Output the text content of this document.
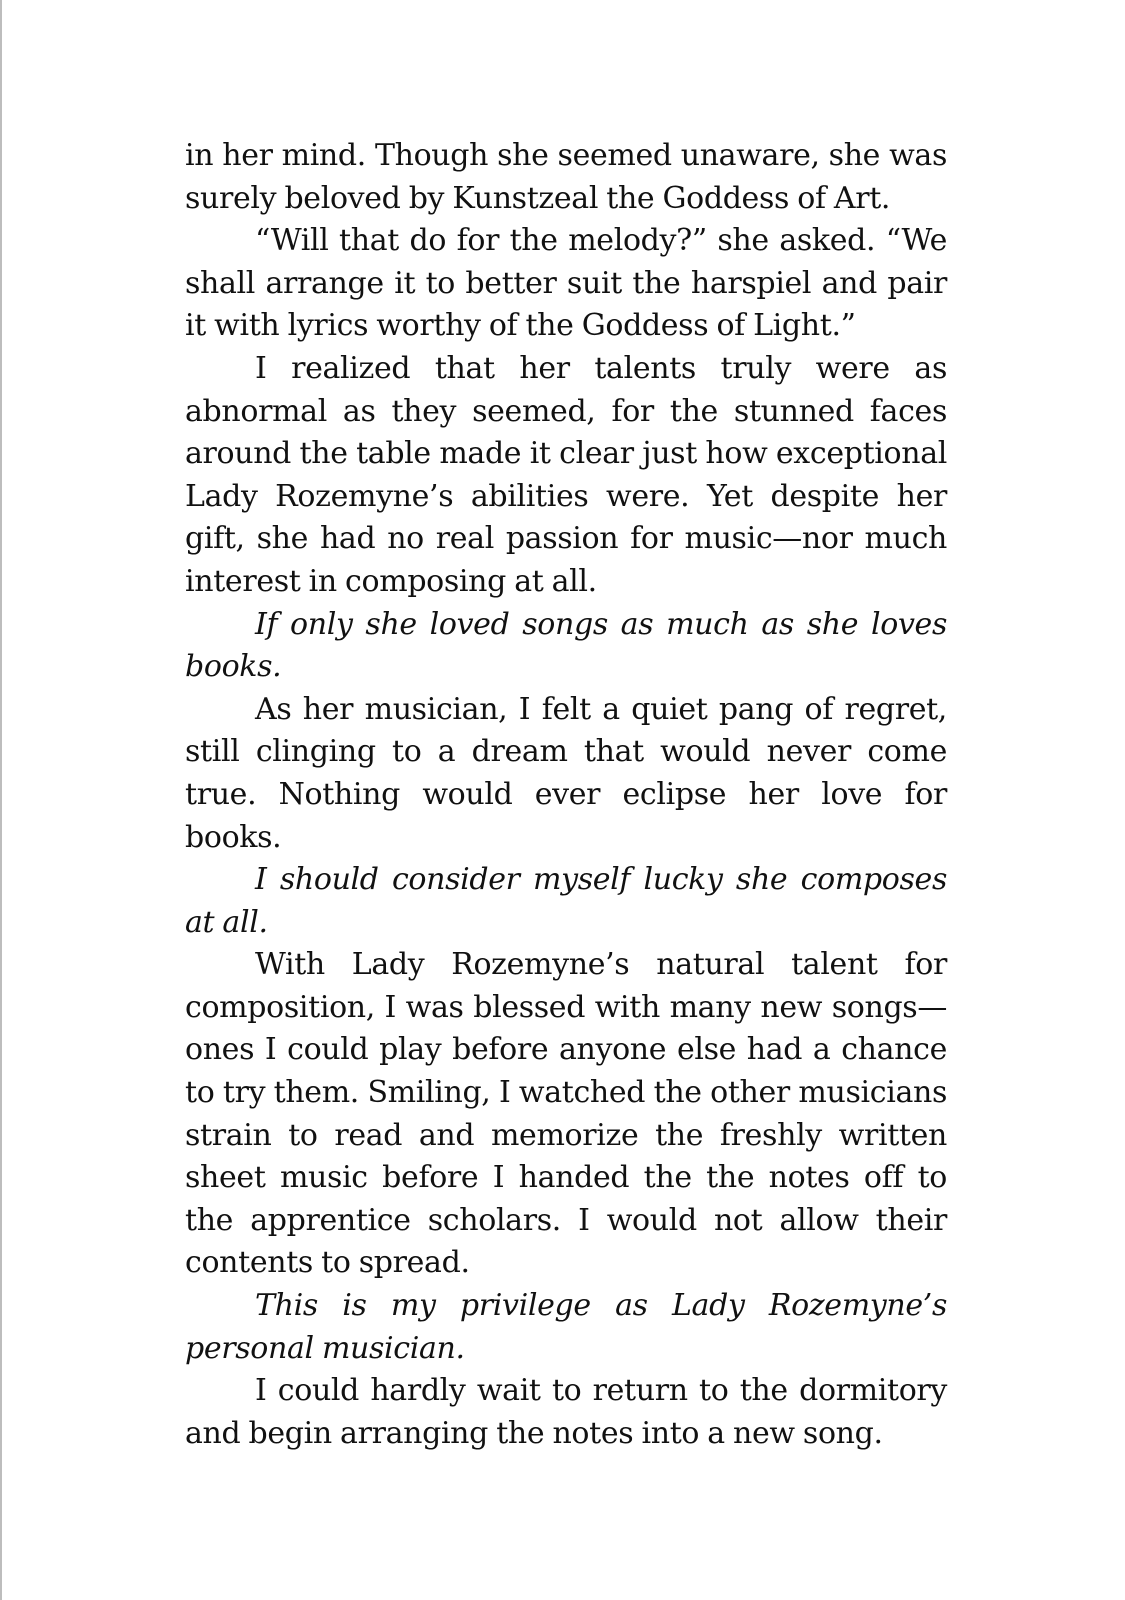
in her mind. Though she seemed unaware, she was surely beloved by Kunstzeal the Goddess of Art.

“Will that do for the melody?” she asked. “We shall arrange it to better suit the harspiel and pair it with lyrics worthy of the Goddess of Light.”

I realized that her talents truly were as abnormal as they seemed, for the stunned faces around the table made it clear just how exceptional Lady Rozemyne’s abilities were. Yet despite her gift, she had no real passion for music—nor much interest in composing at all.

If only she loved songs as much as she loves books.

As her musician, I felt a quiet pang of regret, still clinging to a dream that would never come true. Nothing would ever eclipse her love for books.

I should consider myself lucky she composes at all.

With Lady Rozemyne’s natural talent for composition, I was blessed with many new songs—ones I could play before anyone else had a chance to try them. Smiling, I watched the other musicians strain to read and memorize the freshly written sheet music before I handed the the notes off to the apprentice scholars. I would not allow their contents to spread.

This is my privilege as Lady Rozemyne’s personal musician.

I could hardly wait to return to the dormitory and begin arranging the notes into a new song.
